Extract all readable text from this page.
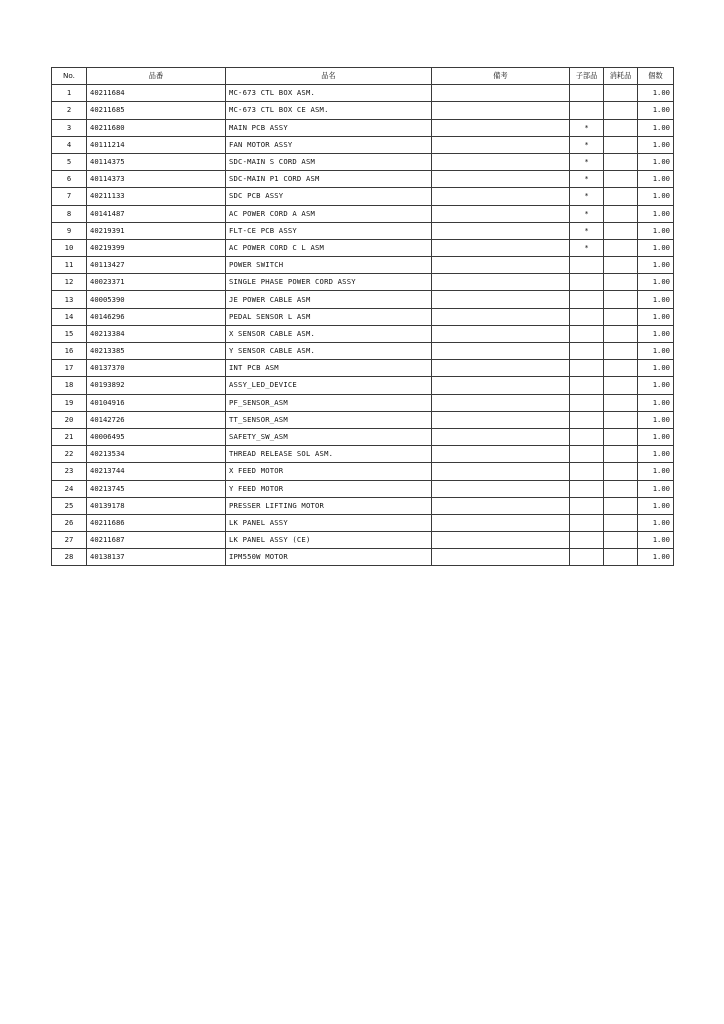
No.	品番	品名	備考	子部品	消耗品	個数
1	40211684	MC-673 CTL BOX ASM.				1.00
2	40211685	MC-673 CTL BOX CE ASM.				1.00
3	40211680	MAIN PCB ASSY		*		1.00
4	40111214	FAN MOTOR ASSY		*		1.00
5	40114375	SDC-MAIN S CORD ASM		*		1.00
6	40114373	SDC-MAIN P1 CORD ASM		*		1.00
7	40211133	SDC PCB ASSY		*		1.00
8	40141487	AC POWER CORD A ASM		*		1.00
9	40219391	FLT-CE PCB ASSY		*		1.00
10	40219399	AC POWER CORD C L ASM		*		1.00
11	40113427	POWER SWITCH				1.00
12	40023371	SINGLE PHASE POWER CORD ASSY				1.00
13	40005390	JE POWER CABLE ASM				1.00
14	40146296	PEDAL SENSOR L ASM				1.00
15	40213384	X SENSOR CABLE ASM.				1.00
16	40213385	Y SENSOR CABLE ASM.				1.00
17	40137370	INT PCB ASM				1.00
18	40193892	ASSY_LED_DEVICE				1.00
19	40104916	PF_SENSOR_ASM				1.00
20	40142726	TT_SENSOR_ASM				1.00
21	40006495	SAFETY_SW_ASM				1.00
22	40213534	THREAD RELEASE SOL ASM.				1.00
23	40213744	X FEED MOTOR				1.00
24	40213745	Y FEED MOTOR				1.00
25	40139178	PRESSER LIFTING MOTOR				1.00
26	40211686	LK PANEL ASSY				1.00
27	40211687	LK PANEL ASSY (CE)				1.00
28	40138137	IPM550W MOTOR				1.00
